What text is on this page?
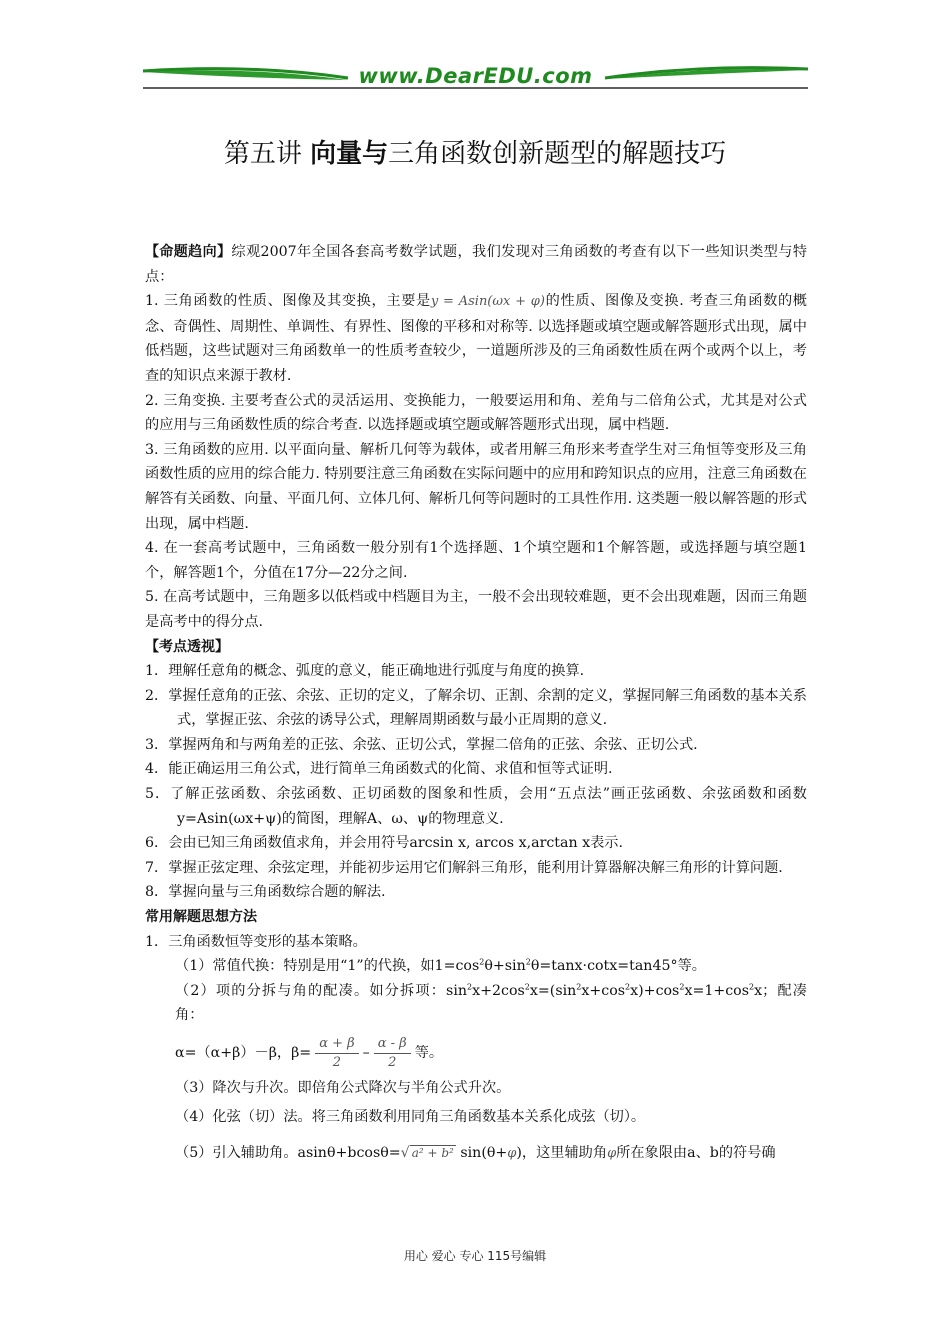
www.DearEDU.com
第五讲 向量与三角函数创新题型的解题技巧

【命题趋向】综观2007年全国各套高考数学试题，我们发现对三角函数的考查有以下一些知识类型与特点：

1. 三角函数的性质、图像及其变换，主要是y = Asin(ωx + φ)的性质、图像及变换. 考查三角函数的概念、奇偶性、周期性、单调性、有界性、图像的平移和对称等. 以选择题或填空题或解答题形式出现，属中低档题，这些试题对三角函数单一的性质考查较少，一道题所涉及的三角函数性质在两个或两个以上，考查的知识点来源于教材.

2. 三角变换. 主要考查公式的灵活运用、变换能力，一般要运用和角、差角与二倍角公式，尤其是对公式的应用与三角函数性质的综合考查. 以选择题或填空题或解答题形式出现，属中档题.

3. 三角函数的应用. 以平面向量、解析几何等为载体，或者用解三角形来考查学生对三角恒等变形及三角函数性质的应用的综合能力. 特别要注意三角函数在实际问题中的应用和跨知识点的应用，注意三角函数在解答有关函数、向量、平面几何、立体几何、解析几何等问题时的工具性作用. 这类题一般以解答题的形式出现，属中档题.

4. 在一套高考试题中，三角函数一般分别有1个选择题、1个填空题和1个解答题，或选择题与填空题1个，解答题1个，分值在17分—22分之间.

5. 在高考试题中，三角题多以低档或中档题目为主，一般不会出现较难题，更不会出现难题，因而三角题是高考中的得分点.

【考点透视】

1．理解任意角的概念、弧度的意义，能正确地进行弧度与角度的换算.

2．掌握任意角的正弦、余弦、正切的定义，了解余切、正割、余割的定义，掌握同解三角函数的基本关系式，掌握正弦、余弦的诱导公式，理解周期函数与最小正周期的意义.

3．掌握两角和与两角差的正弦、余弦、正切公式，掌握二倍角的正弦、余弦、正切公式.

4．能正确运用三角公式，进行简单三角函数式的化简、求值和恒等式证明.

5．了解正弦函数、余弦函数、正切函数的图象和性质，会用“五点法”画正弦函数、余弦函数和函数y=Asin(ωx+ψ)的简图，理解A、ω、ψ的物理意义.

6．会由已知三角函数值求角，并会用符号arcsin x, arcos x,arctan x表示.

7．掌握正弦定理、余弦定理，并能初步运用它们解斜三角形，能利用计算器解决解三角形的计算问题.

8．掌握向量与三角函数综合题的解法.

常用解题思想方法

1．三角函数恒等变形的基本策略。

（1）常值代换：特别是用“1”的代换，如$1=\cos^2\theta+\sin^2\theta=\tan x\cdot\cot x=\tan 45^\circ$等。

（2）项的分拆与角的配凑。如分拆项：$\sin^2x+2\cos^2x=(\sin^2x+\cos^2x)+\cos^2x=1+\cos^2x$；配凑角：

α=（α+β）－β，$\beta= \frac{\alpha + \beta}{2} - \frac{\alpha - \beta}{2}$ 等。

（3）降次与升次。即倍角公式降次与半角公式升次。

（4）化弦（切）法。将三角函数利用同角三角函数基本关系化成弦（切）。

（5）引入辅助角。asinθ+bcosθ=√ a² + b² sin(θ+φ)，这里辅助角φ所在象限由a、b的符号确

用心 爱心 专心 115号编辑
